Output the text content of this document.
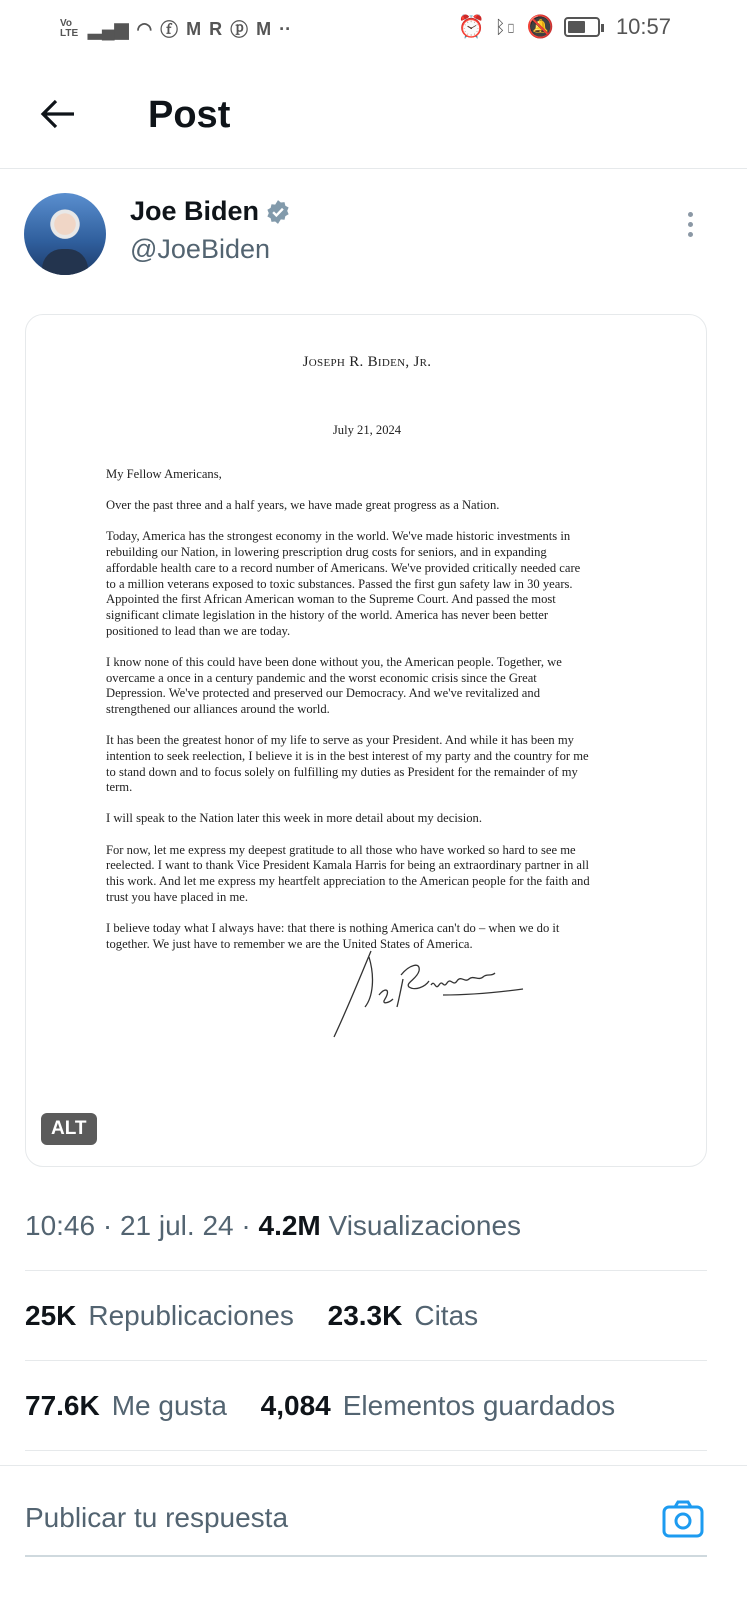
Vo LTE ▂▄▆ ◠ ⓕ M R ⓟ M ··	⏰ ᛒ▯ 🔕	10:57
Post
Joe Biden
@JoeBiden
Joseph R. Biden, Jr.
July 21, 2024

My Fellow Americans,

Over the past three and a half years, we have made great progress as a Nation.

Today, America has the strongest economy in the world. We've made historic investments in
rebuilding our Nation, in lowering prescription drug costs for seniors, and in expanding
affordable health care to a record number of Americans. We've provided critically needed care
to a million veterans exposed to toxic substances. Passed the first gun safety law in 30 years.
Appointed the first African American woman to the Supreme Court. And passed the most
significant climate legislation in the history of the world. America has never been better
positioned to lead than we are today.

I know none of this could have been done without you, the American people. Together, we
overcame a once in a century pandemic and the worst economic crisis since the Great
Depression. We've protected and preserved our Democracy. And we've revitalized and
strengthened our alliances around the world.

It has been the greatest honor of my life to serve as your President. And while it has been my
intention to seek reelection, I believe it is in the best interest of my party and the country for me
to stand down and to focus solely on fulfilling my duties as President for the remainder of my
term.

I will speak to the Nation later this week in more detail about my decision.

For now, let me express my deepest gratitude to all those who have worked so hard to see me
reelected. I want to thank Vice President Kamala Harris for being an extraordinary partner in all
this work. And let me express my heartfelt appreciation to the American people for the faith and
trust you have placed in me.

I believe today what I always have: that there is nothing America can't do – when we do it
together. We just have to remember we are the United States of America.

ALT
10:46 · 21 jul. 24 · 4.2M Visualizaciones
25K Republicaciones 23.3K Citas
77.6K Me gusta 4,084 Elementos guardados
Publicar tu respuesta
